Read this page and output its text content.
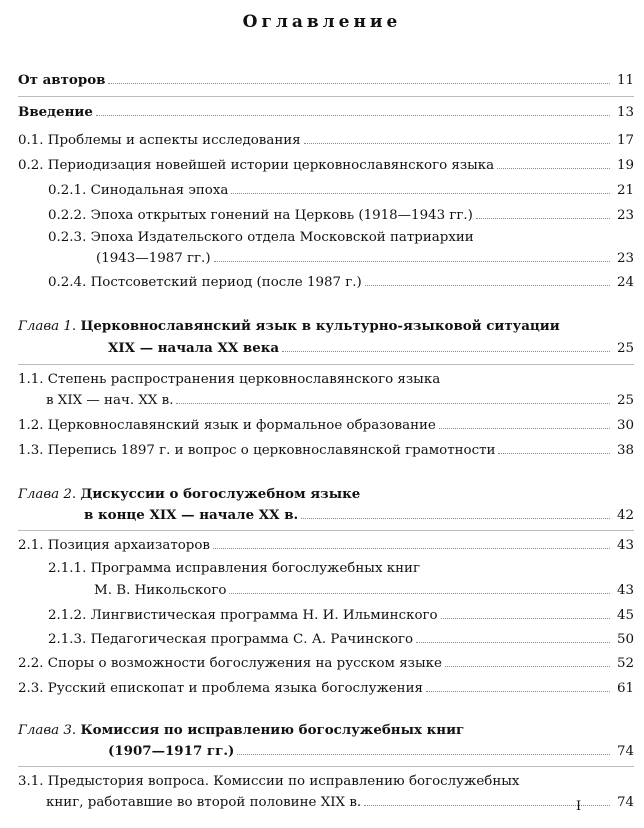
Оглавление
От авторов	11
Введение	13
0.1. Проблемы и аспекты исследования	17
0.2. Периодизация новейшей истории церковнославянского языка	19
0.2.1. Синодальная эпоха	21
0.2.2. Эпоха открытых гонений на Церковь (1918—1943 гг.)	23
0.2.3. Эпоха Издательского отдела Московской патриархии
(1943—1987 гг.)	23
0.2.4. Постсоветский период (после 1987 г.)	24
Глава 1. Церковнославянский язык в культурно-языковой ситуации
XIX — начала XX века	25
1.1. Степень распространения церковнославянского языка
в XIX — нач. XX в.	25
1.2. Церковнославянский язык и формальное образование	30
1.3. Перепись 1897 г. и вопрос о церковнославянской грамотности	38
Глава 2. Дискуссии о богослужебном языке
в конце XIX — начале XX в.	42
2.1. Позиция архаизаторов	43
2.1.1. Программа исправления богослужебных книг
М. В. Никольского	43
2.1.2. Лингвистическая программа Н. И. Ильминского	45
2.1.3. Педагогическая программа С. А. Рачинского	50
2.2. Споры о возможности богослужения на русском языке	52
2.3. Русский епископат и проблема языка богослужения	61
Глава 3. Комиссия по исправлению богослужебных книг
(1907—1917 гг.)	74
3.1. Предыстория вопроса. Комиссии по исправлению богослужебных
книг, работавшие во второй половине XIX в.	74
I
